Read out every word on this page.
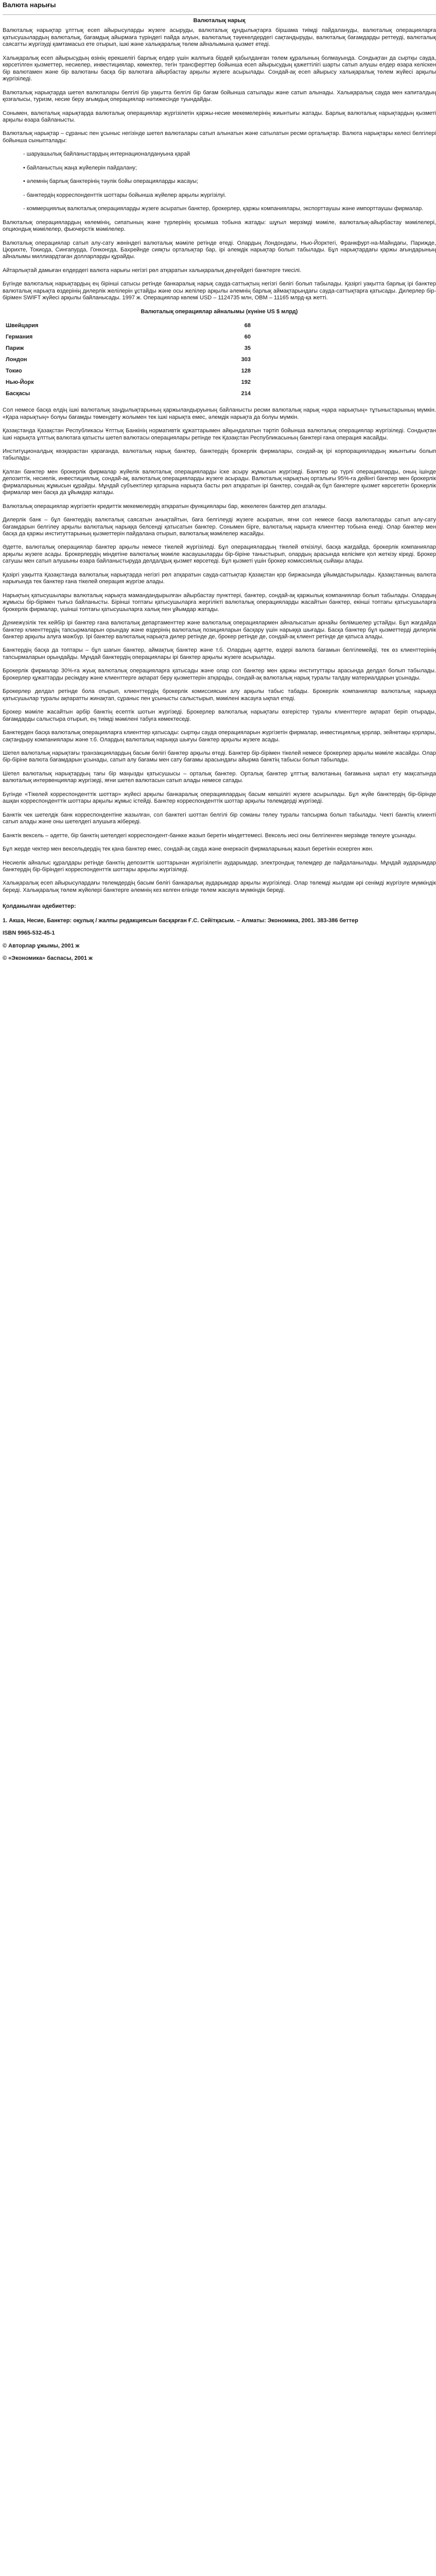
Валюта нарығы
Валюталық нарық

Валюталық нарықтар ұлттық есеп айырысуларды жүзеге асыруды, валюталық құндылықтарға біршама тиімді пайдалануды, валюталық операцияларға қатысушылардың валюталық, бағамдық айырмаға түріндегі пайда алуын, валюталық тәуекелдердегі сақтандыруды, валюталық бағамдарды реттеуді, валюталық саясатты жүргізуді қамтамасыз ете отырып, ішкі және халықаралық төлем айналымына қызмет етеді.

Халықаралық есеп айырысудың өзінің ерекшелігі барлық елдер үшін жалпыға бірдей қабылданған төлем құралының болмауында. Сондықтан да сыртқы сауда, көрсетілген қызметтер, несиелер, инвестициялар, көмектер, тегін трансферттер бойынша есеп айырысудың қажеттілігі шарты сатып алушы елдер өзара келіскен бір валютамен және бір валютаны басқа бір валютаға айырбастау арқылы жүзеге асырылады. Сондай-ақ есеп айырысу халықаралық төлем жүйесі арқылы жүргізіледі.

Валюталық нарықтарда шетел валюталары белгілі бір уақытта белгілі бір бағам бойынша сатылады және сатып алынады. Халықаралық сауда мен капиталдың қозғалысы, туризм, несие беру ағымдық операциялар нәтижесінде туындайды.

Сонымен, валюталық нарықтарда валюталық операциялар жүргізілетін қаржы-несие мекемелерінің жиынтығы жатады. Барлық валюталық нарықтардың қызметі арқылы өзара байланысты.

Валюталық нарықтар – сұраныс пен ұсыныс негізінде шетел валюталары сатып алынатын және сатылатын ресми орталықтар. Валюта нарықтары келесі белгілері бойынша сыныпталады:

- шаруашылық байланыстардың интернационалдануына қарай
• байланыстың жаңа жүйелерін пайдалану;
• әлемнің барлық банктерінің тәулік бойы операцияларды жасауы;
- банктердің корреспонденттік шоттары бойынша жүйелер арқылы жүргізілуі.
- коммерциялық валюталық операцияларды жүзеге асыратын банктер, брокерлер, қаржы компаниялары, экспорттаушы және импорттаушы фирмалар.

Валюталық операциялардың көлемінің, сипатының және түрлерінің қосымша тобына жатады: шұғыл мерзімді мәміле, валюталық-айырбастау мәмілелері, опциондық мәмілелер, фьючерстік мәмілелер.

Валюталық операциялар сатып алу-сату жөніндегі валюталық мәміле ретінде өтеді. Олардың Лондондағы, Нью-Йорктегі, Франкфурт-на-Майндағы, Парижде, Цюрихте, Токиода, Сингапурда, Гонконгда, Бахрейнде сияқты орталықтар бар, ірі әлемдік нарықтар болып табылады. Бұл нарықтардағы қаржы ағындарының айналымы миллиардтаған долларларды құрайды.

Айтарлықтай дамыған елдердегі валюта нарығы негізгі рөл атқаратын халықаралық деңгейдегі банктерге тиесілі.

Бүгінде валюталық нарықтардың ең бірінші сатысы ретінде банкаралық нарық сауда-саттықтың негізгі бөлігі болып табылады. Қазіргі уақытта барлық ірі банктер валюталық нарықта өздерінің дилерлік желілерін ұстайды және осы желілер арқылы әлемнің барлық аймақтарындағы сауда-саттықтарға қатысады. Дилерлер бір-бірімен SWIFT жүйесі арқылы байланысады. 1997 ж. Операциялар көлемі USD – 1124735 млн, ОВМ – 11165 млрд-қа жетті.

Валюталық операциялар айналымы (күніне US $ млрд)
Швейцария	68
Германия	60
Париж	35
Лондон	303
Токио	128
Нью-Йорк	192
Басқасы	214

Сол немесе басқа елдің ішкі валюталық заңдылықтарының қаржыландыруының байланысты ресми валюталық нарық «қара нарықтың» тұтыныстарының мүмкін. «Қара нарықтың» болуы бағамды төмендету жолымен тек ішкі нарықта емес, әлемдік нарықта да болуы мүмкін.

Қазақстанда Қазақстан Республикасы Ұлттық Банкінің нормативтік құжаттарымен айқындалатын тәртіп бойынша валюталық операциялар жүргізіледі. Сондықтан ішкі нарықта ұлттық валютаға қатысты шетел валютасы операциялары ретінде тек Қазақстан Республикасының банктері ғана операция жасайды.

Институционалдық көзқарастан қарағанда, валюталық нарық банктер, банктердің брокерлік фирмалары, сондай-ақ ірі корпорациялардың жиынтығы болып табылады.

Қалған банктер мен брокерлік фирмалар жүйелік валюталық операцияларды іске асыру жұмысын жүргізеді. Банктер әр түрлі операцияларды, оның ішінде депозиттік, несиелік, инвестициялық, сондай-ақ, валюталық операцияларды жүзеге асырады. Валюталық нарықтың орталығы 95%-ға дейінгі банктер мен брокерлік фирмаларының жұмысын құрайды. Мұндай субъектілер қатарына нарықта басты рөл атқаратын ірі банктер, сондай-ақ бұл банктерге қызмет көрсететін брокерлік фирмалар мен басқа да ұйымдар жатады.

Валюталық операциялар жүргізетін кредиттік мекемелердің атқаратын функциялары бар, жекелеген банктер деп аталады.

Дилерлік банк – бұл банктердің валюталық саясатын анықтайтын, баға белгілеуді жүзеге асыратын, яғни сол немесе басқа валюталарды сатып алу-сату бағамдарын белгілеу арқылы валюталық нарыққа белсенді қатысатын банктер. Сонымен бірге, валюталық нарықта клиенттер тобына енеді. Олар банктер мен басқа да қаржы институттарының қызметтерін пайдалана отырып, валюталық мәмілелер жасайды.

Әдетте, валюталық операциялар банктер арқылы немесе тікелей жүргізіледі. Бұл операциялардың тікелей өткізілуі, басқа жағдайда, брокерлік компаниялар арқылы жүзеге асады. Брокерлердің міндетіне валюталық мәміле жасаушыларды бір-біріне таныстырып, олардың арасында келісімге қол жеткізу кіреді. Брокер сатушы мен сатып алушыны өзара байланыстыруда делдалдық қызмет көрсетеді. Бұл қызметі үшін брокер комиссиялық сыйақы алады.

Қазіргі уақытта Қазақстанда валюталық нарықтарда негізгі рөл атқаратын сауда-саттықтар Қазақстан қор биржасында ұйымдастырылады. Қазақстанның валюта нарығында тек банктер ғана тікелей операция жүргізе алады.

Нарықтың қатысушылары валюталық нарықта мамандандырылған айырбастау пункттері, банктер, сондай-ақ қаржылық компаниялар болып табылады. Олардың жұмысы бір-бірімен тығыз байланысты. Бірінші топтағы қатысушыларға жергілікті валюталық операцияларды жасайтын банктер, екінші топтағы қатысушыларға брокерлік фирмалар, үшінші топтағы қатысушыларға халық пен ұйымдар жатады.

Дүниежүзілік тек кейбір ірі банктер ғана валюталық департаменттер және валюталық операциялармен айналысатын арнайы бөлімшелер ұстайды. Бұл жағдайда банктер клиенттердің тапсырмаларын орындау және өздерінің валюталық позицияларын басқару үшін нарыққа шығады. Басқа банктер бұл қызметтерді дилерлік банктер арқылы алуға мәжбүр. Ірі банктер валюталық нарықта дилер ретінде де, брокер ретінде де, сондай-ақ клиент ретінде де қатыса алады.

Банктердің басқа да топтары – бұл шағын банктер, аймақтық банктер және т.б. Олардың әдетте, өздері валюта бағамын белгілемейді, тек өз клиенттерінің тапсырмаларын орындайды. Мұндай банктердің операциялары ірі банктер арқылы жүзеге асырылады.

Брокерлік фирмалар 30%-ға жуық валюталық операцияларға қатысады және олар сол банктер мен қаржы институттары арасында делдал болып табылады. Брокерлер құжаттарды ресімдеу және клиенттерге ақпарат беру қызметтерін атқарады, сондай-ақ валюталық нарық туралы талдау материалдарын ұсынады.

Брокерлер делдал ретінде бола отырып, клиенттердің брокерлік комиссиясын алу арқылы табыс табады. Брокерлік компаниялар валюталық нарыққа қатысушылар туралы ақпаратты жинақтап, сұраныс пен ұсынысты салыстырып, мәмілені жасауға ықпал етеді.

Брокер мәміле жасайтын әрбір банктің есептік шотын жүргізеді. Брокерлер валюталық нарықтағы өзгерістер туралы клиенттерге ақпарат беріп отырады, бағамдарды салыстыра отырып, ең тиімді мәмілені табуға көмектеседі.

Банктерден басқа валюталық операцияларға клиенттер қатысады: сыртқы сауда операцияларын жүргізетін фирмалар, инвестициялық қорлар, зейнетақы қорлары, сақтандыру компаниялары және т.б. Олардың валюталық нарыққа шығуы банктер арқылы жүзеге асады.

Шетел валюталық нарықтағы транзакциялардың басым бөлігі банктер арқылы өтеді. Банктер бір-бірімен тікелей немесе брокерлер арқылы мәміле жасайды. Олар бір-біріне валюта бағамдарын ұсынады, сатып алу бағамы мен сату бағамы арасындағы айырма банктің табысы болып табылады.

Шетел валюталық нарықтардың тағы бір маңызды қатысушысы – орталық банктер. Орталық банктер ұлттық валютаның бағамына ықпал ету мақсатында валюталық интервенциялар жүргізеді, яғни шетел валютасын сатып алады немесе сатады.

Бүгінде «Тікелей корреспонденттік шоттар» жүйесі арқылы банкаралық операциялардың басым көпшілігі жүзеге асырылады. Бұл жүйе банктердің бір-бірінде ашқан корреспонденттік шоттары арқылы жұмыс істейді. Банктер корреспонденттік шоттар арқылы төлемдерді жүргізеді.

Банктік чек шетелдік банк корреспондентіне жазылған, сол банктегі шоттан белгілі бір соманы төлеу туралы тапсырма болып табылады. Чекті банктің клиенті сатып алады және оны шетелдегі алушыға жібереді.

Банктік вексель – әдетте, бір банктің шетелдегі корреспондент-банкке жазып беретін міндеттемесі. Вексель иесі оны белгіленген мерзімде төлеуге ұсынады.

Бұл жерде чектер мен вексельдердің тек қана банктер емес, сондай-ақ сауда және өнеркәсіп фирмаларының жазып беретінін ескерген жөн.

Несиелік айналыс құралдары ретінде банктің депозиттік шоттарынан жүргізілетін аударымдар, электрондық төлемдер де пайдаланылады. Мұндай аударымдар банктердің бір-біріндегі корреспонденттік шоттары арқылы жүргізіледі.

Халықаралық есеп айырысулардағы төлемдердің басым бөлігі банкаралық аударымдар арқылы жүргізіледі. Олар төлемді жылдам әрі сенімді жүргізуге мүмкіндік береді. Халықаралық төлем жүйелері банктерге әлемнің кез келген елінде төлем жасауға мүмкіндік береді.

Қолданылған әдебиеттер:

1. Акша, Несие, Банктер: оқулық / жалпы редакциясын басқарған Ғ.С. Сейітқасым. – Алматы: Экономика, 2001. 383-386 беттер

ISBN 9965-532-45-1

© Авторлар ұжымы, 2001 ж

© «Экономика» баспасы, 2001 ж
